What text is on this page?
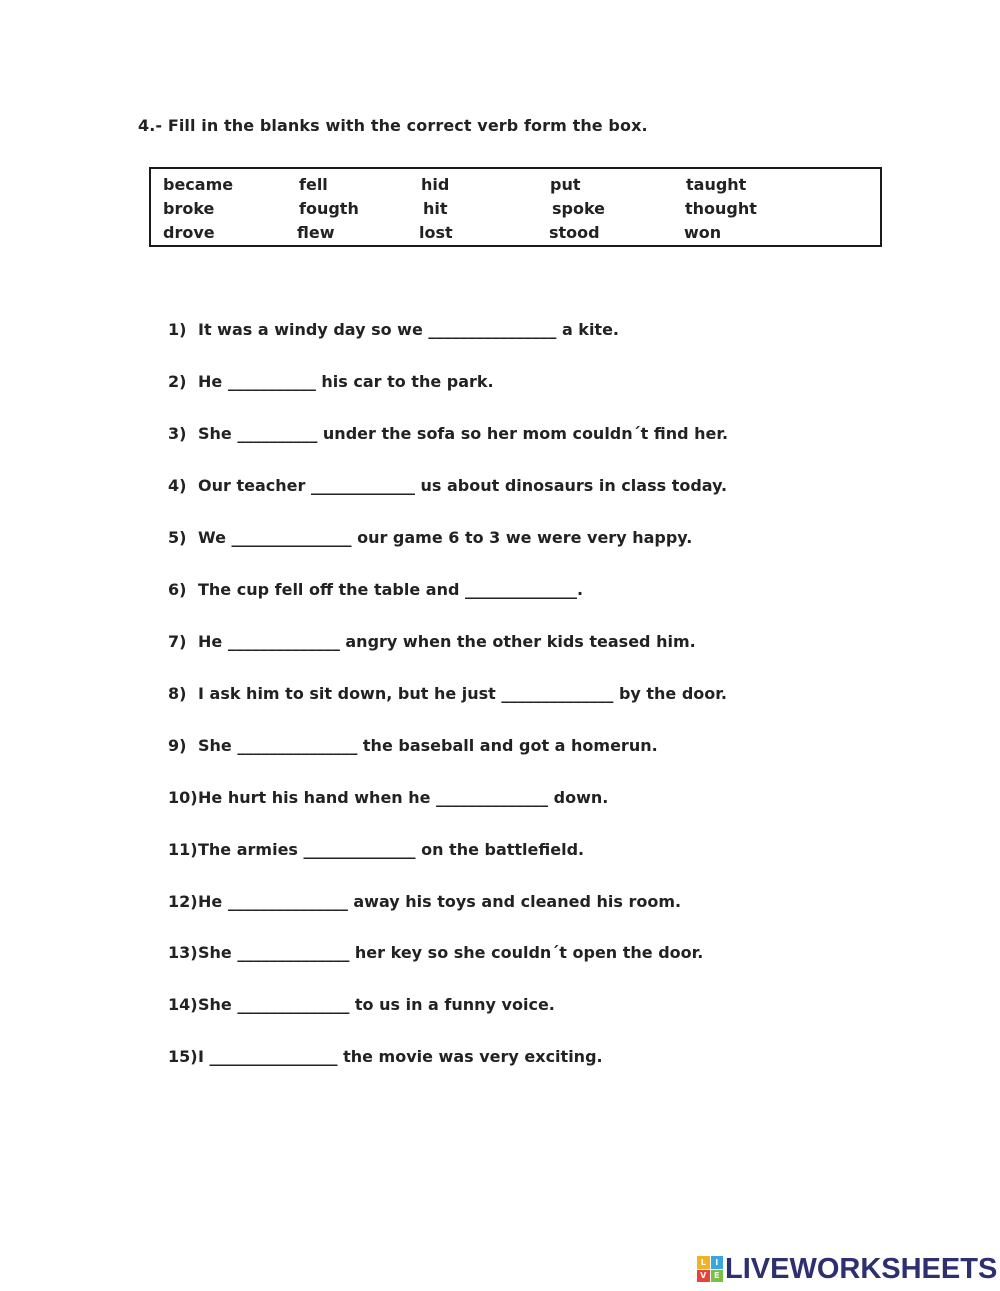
4.- Fill in the blanks with the correct verb form the box.
became
broke
drove
fell
fougth
flew
hid
hit
lost
put
spoke
stood
taught
thought
won
1) It was a windy day so we ________________ a kite.
2) He ___________ his car to the park.
3) She __________ under the sofa so her mom couldn´t find her.
4) Our teacher _____________ us about dinosaurs in class today.
5) We _______________ our game 6 to 3 we were very happy.
6) The cup fell off the table and ______________.
7) He ______________ angry when the other kids teased him.
8) I ask him to sit down, but he just ______________ by the door.
9) She _______________ the baseball and got a homerun.
10) He hurt his hand when he ______________ down.
11) The armies ______________ on the battlefield.
12) He _______________ away his toys and cleaned his room.
13) She ______________ her key so she couldn´t open the door.
14) She ______________ to us in a funny voice.
15) I ________________ the movie was very exciting.
L	I
V E LIVEWORKSHEETS
